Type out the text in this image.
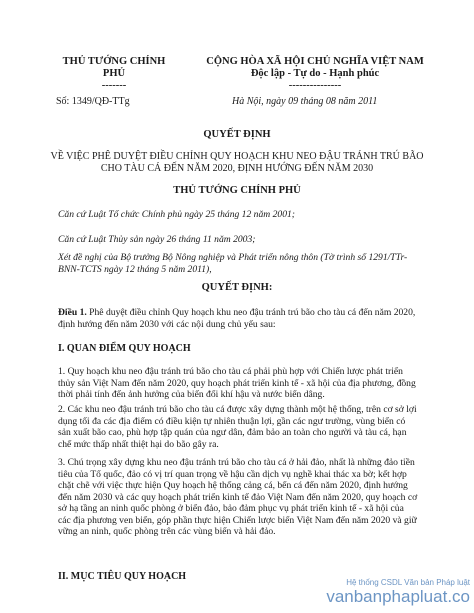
THỦ TƯỚNG CHÍNH
PHỦ
-------
CỘNG HÒA XÃ HỘI CHỦ NGHĨA VIỆT NAM
Độc lập - Tự do - Hạnh phúc
---------------
Số: 1349/QĐ-TTg	Hà Nội, ngày 09 tháng 08 năm 2011
QUYẾT ĐỊNH
VỀ VIỆC PHÊ DUYỆT ĐIỀU CHỈNH QUY HOẠCH KHU NEO ĐẬU TRÁNH TRÚ BÃO
CHO TÀU CÁ ĐẾN NĂM 2020, ĐỊNH HƯỚNG ĐẾN NĂM 2030
THỦ TƯỚNG CHÍNH PHỦ
Căn cứ Luật Tổ chức Chính phủ ngày 25 tháng 12 năm 2001;
Căn cứ Luật Thủy sản ngày 26 tháng 11 năm 2003;
Xét đề nghị của Bộ trưởng Bộ Nông nghiệp và Phát triển nông thôn (Tờ trình số 1291/TTr-BNN-TCTS ngày 12 tháng 5 năm 2011),
QUYẾT ĐỊNH:
Điều 1. Phê duyệt điều chỉnh Quy hoạch khu neo đậu tránh trú bão cho tàu cá đến năm 2020, định hướng đến năm 2030 với các nội dung chủ yếu sau:
I. QUAN ĐIỂM QUY HOẠCH
1. Quy hoạch khu neo đậu tránh trú bão cho tàu cá phải phù hợp với Chiến lược phát triển thủy sản Việt Nam đến năm 2020, quy hoạch phát triển kinh tế - xã hội của địa phương, đồng thời phải tính đến ảnh hưởng của biến đổi khí hậu và nước biển dâng.
2. Các khu neo đậu tránh trú bão cho tàu cá được xây dựng thành một hệ thống, trên cơ sở lợi dụng tối đa các địa điểm có điều kiện tự nhiên thuận lợi, gần các ngư trường, vùng biển có sản xuất bão cao, phù hợp tập quán của ngư dân, đảm bảo an toàn cho người và tàu cá, hạn chế mức thấp nhất thiệt hại do bão gây ra.
3. Chú trọng xây dựng khu neo đậu tránh trú bão cho tàu cá ở hải đảo, nhất là những đảo tiền tiêu của Tổ quốc, đảo có vị trí quan trọng về hậu cần dịch vụ nghề khai thác xa bờ; kết hợp chặt chẽ với việc thực hiện Quy hoạch hệ thống cảng cá, bến cá đến năm 2020, định hướng đến năm 2030 và các quy hoạch phát triển kinh tế đảo Việt Nam đến năm 2020, quy hoạch cơ sở hạ tầng an ninh quốc phòng ở biển đảo, bảo đảm phục vụ phát triển kinh tế - xã hội của các địa phương ven biển, góp phần thực hiện Chiến lược biển Việt Nam đến năm 2020 và giữ vững an ninh, quốc phòng trên các vùng biển và hải đảo.
II. MỤC TIÊU QUY HOẠCH
Hệ thống CSDL Văn bản Pháp luật
vanbanphapluat.co
